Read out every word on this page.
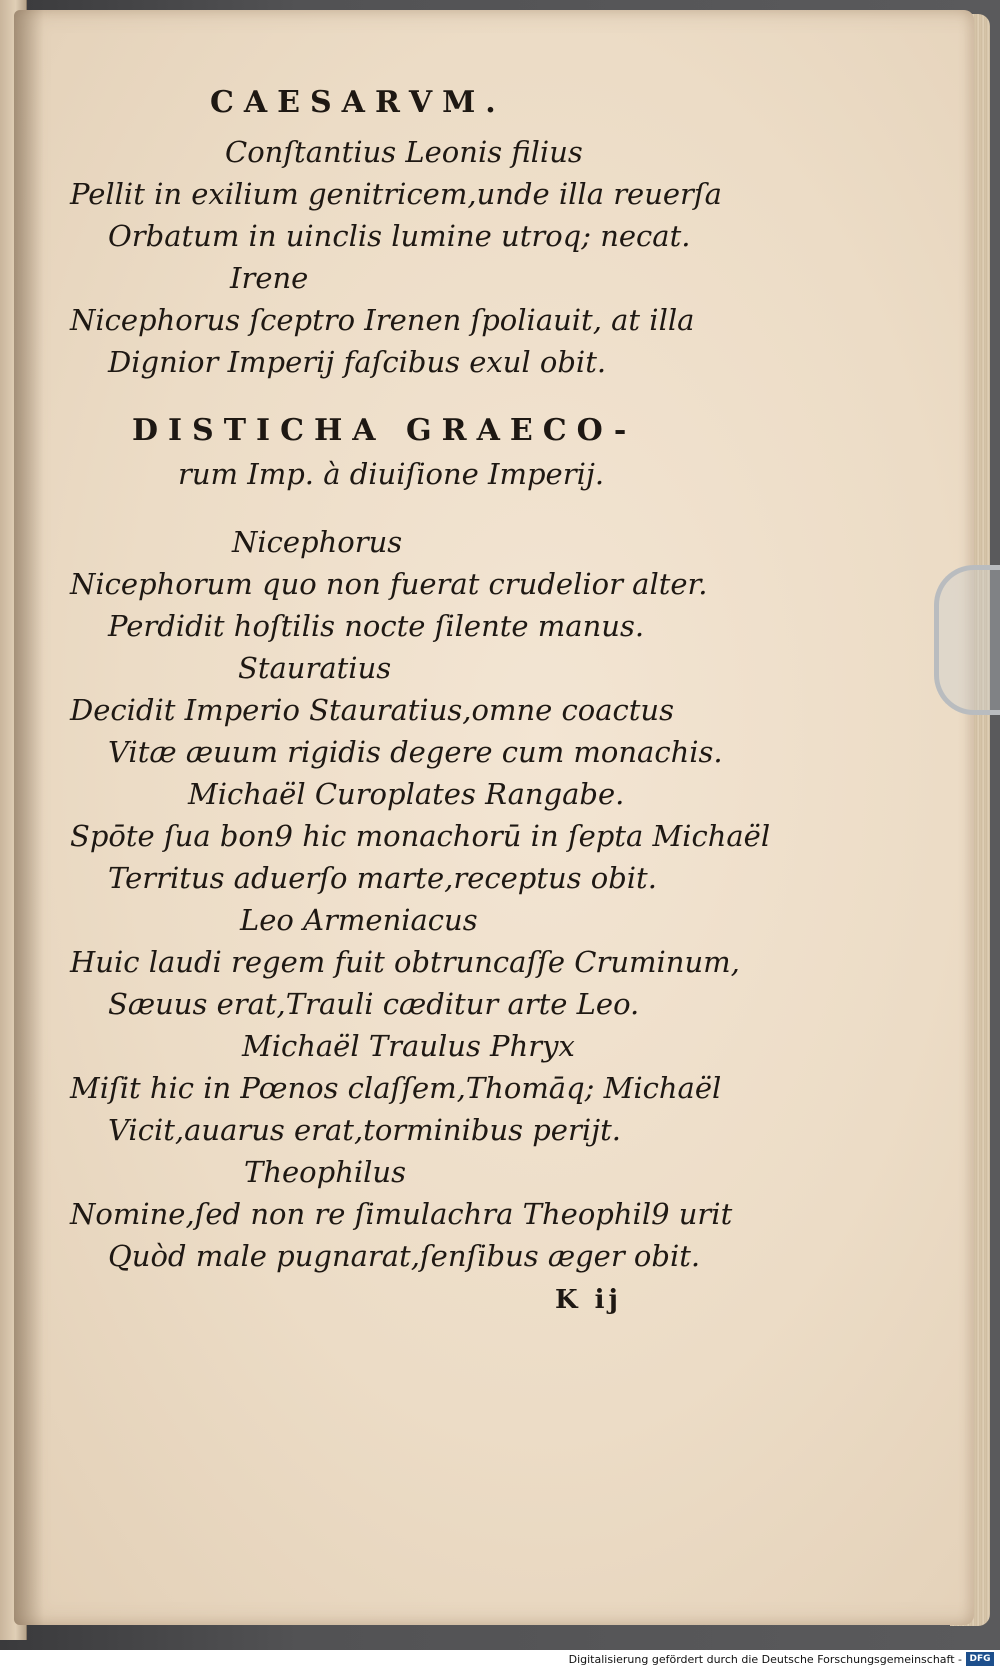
CAESARVM.
Conſtantius Leonis filius
Pellit in exilium genitricem,unde illa reuerſa
Orbatum in uinclis lumine utroq; necat.
Irene
Nicephorus ſceptro Irenen ſpoliauit, at illa
Dignior Imperij faſcibus exul obit.
DISTICHA GRAECO-
rum Imp. à diuiſione Imperij.
Nicephorus
Nicephorum quo non fuerat crudelior alter.
Perdidit hoſtilis nocte ſilente manus.
Stauratius
Decidit Imperio Stauratius,omne coactus
Vitæ æuum rigidis degere cum monachis.
Michaël Curoplates Rangabe.
Spōte ſua bon9 hic monachorū in ſepta Michaël
Territus aduerſo marte,receptus obit.
Leo Armeniacus
Huic laudi regem fuit obtruncaſſe Cruminum,
Sæuus erat,Trauli cæditur arte Leo.
Michaël Traulus Phryx
Miſit hic in Pœnos claſſem,Thomāq; Michaël
Vicit,auarus erat,torminibus perijt.
Theophilus
Nomine,ſed non re ſimulachra Theophil9 urit
Quòd male pugnarat,ſenſibus æger obit.
K ij
Digitalisierung gefördert durch die Deutsche Forschungsgemeinschaft - DFG
